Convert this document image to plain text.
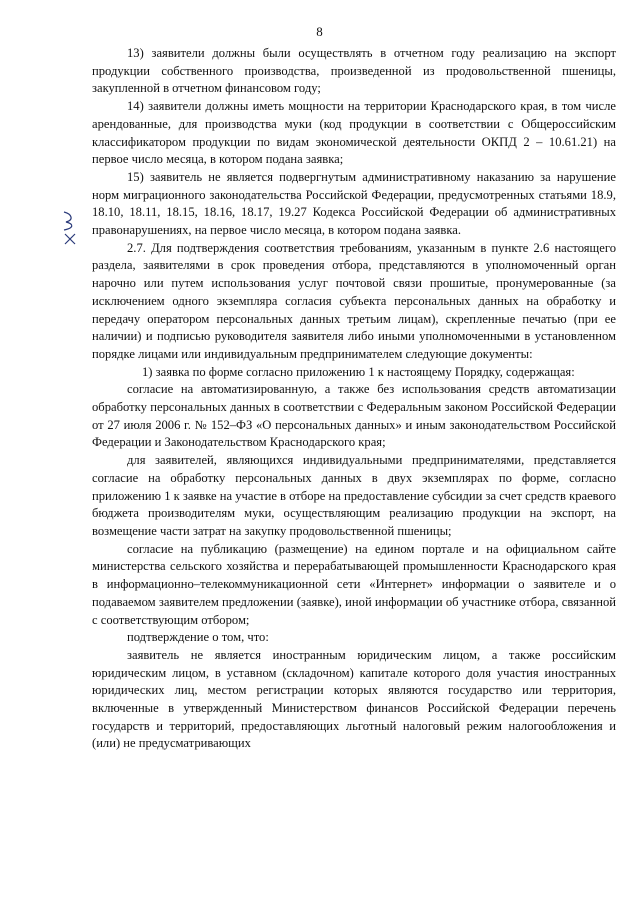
8
13) заявители должны были осуществлять в отчетном году реализацию на экспорт продукции собственного производства, произведенной из продовольственной пшеницы, закупленной в отчетном финансовом году;
14) заявители должны иметь мощности на территории Краснодарского края, в том числе арендованные, для производства муки (код продукции в соответствии с Общероссийским классификатором продукции по видам экономической деятельности ОКПД 2 – 10.61.21) на первое число месяца, в котором подана заявка;
15) заявитель не является подвергнутым административному наказанию за нарушение норм миграционного законодательства Российской Федерации, предусмотренных статьями 18.9, 18.10, 18.11, 18.15, 18.16, 18.17, 19.27 Кодекса Российской Федерации об административных правонарушениях, на первое число месяца, в котором подана заявка.
2.7. Для подтверждения соответствия требованиям, указанным в пункте 2.6 настоящего раздела, заявителями в срок проведения отбора, представляются в уполномоченный орган нарочно или путем использования услуг почтовой связи прошитые, пронумерованные (за исключением одного экземпляра согласия субъекта персональных данных на обработку и передачу оператором персональных данных третьим лицам), скрепленные печатью (при ее наличии) и подписью руководителя заявителя либо иными уполномоченными в установленном порядке лицами или индивидуальным предпринимателем следующие документы:
1) заявка по форме согласно приложению 1 к настоящему Порядку, содержащая:
согласие на автоматизированную, а также без использования средств автоматизации обработку персональных данных в соответствии с Федеральным законом Российской Федерации от 27 июля 2006 г. № 152–ФЗ «О персональных данных» и иным законодательством Российской Федерации и Законодательством Краснодарского края;
для заявителей, являющихся индивидуальными предпринимателями, представляется согласие на обработку персональных данных в двух экземплярах по форме, согласно приложению 1 к заявке на участие в отборе на предоставление субсидии за счет средств краевого бюджета производителям муки, осуществляющим реализацию продукции на экспорт, на возмещение части затрат на закупку продовольственной пшеницы;
согласие на публикацию (размещение) на едином портале и на официальном сайте министерства сельского хозяйства и перерабатывающей промышленности Краснодарского края в информационно–телекоммуникационной сети «Интернет» информации о заявителе и о подаваемом заявителем предложении (заявке), иной информации об участнике отбора, связанной с соответствующим отбором;
подтверждение о том, что:
заявитель не является иностранным юридическим лицом, а также российским юридическим лицом, в уставном (складочном) капитале которого доля участия иностранных юридических лиц, местом регистрации которых являются государство или территория, включенные в утвержденный Министерством финансов Российской Федерации перечень государств и территорий, предоставляющих льготный налоговый режим налогообложения и (или) не предусматривающих
